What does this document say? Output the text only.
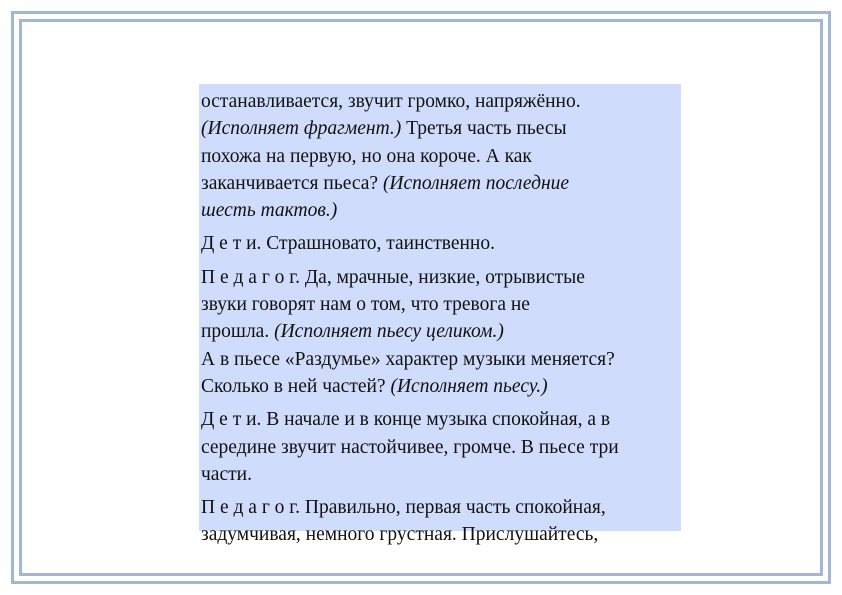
останавливается, звучит громко, напряжённо.
(Исполняет фрагмент.) Третья часть пьесы
похожа на первую, но она короче. А как
заканчивается пьеса? (Исполняет последние
шесть тактов.)
Д е т и. Страшновато, таинственно.
П е д а г о г. Да, мрачные, низкие, отрывистые
звуки говорят нам о том, что тревога не
прошла. (Исполняет пьесу целиком.)
А в пьесе «Раздумье» характер музыки меняется?
Сколько в ней частей? (Исполняет пьесу.)
Д е т и. В начале и в конце музыка спокойная, а в
середине звучит настойчивее, громче. В пьесе три
части.
П е д а г о г. Правильно, первая часть спокойная,
задумчивая, немного грустная. Прислушайтесь,
